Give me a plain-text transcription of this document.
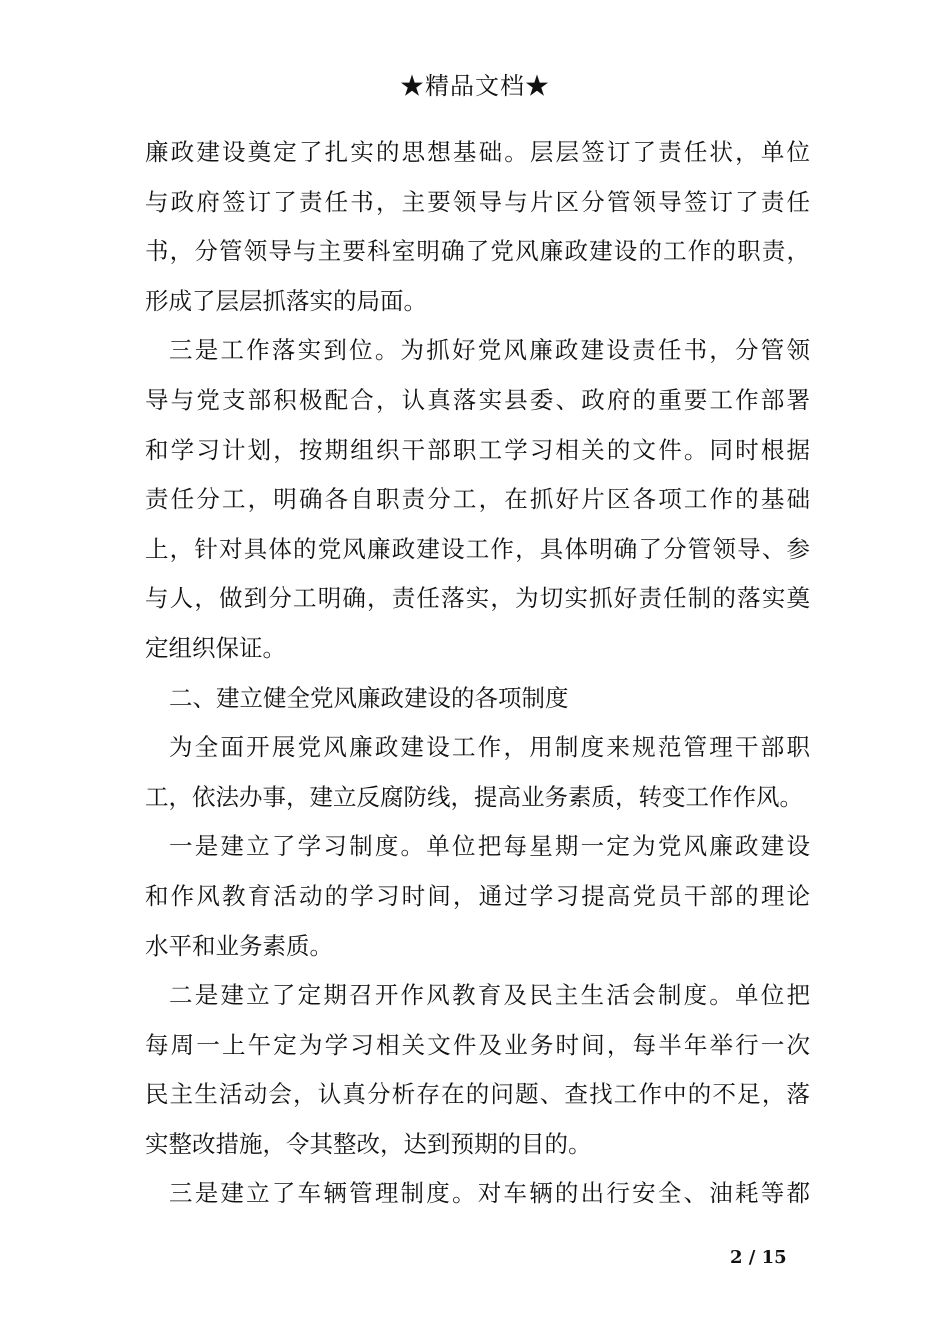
★精品文档★
廉政建设奠定了扎实的思想基础。层层签订了责任状，单位
与政府签订了责任书，主要领导与片区分管领导签订了责任
书，分管领导与主要科室明确了党风廉政建设的工作的职责，
形成了层层抓落实的局面。
三是工作落实到位。为抓好党风廉政建设责任书，分管领
导与党支部积极配合，认真落实县委、政府的重要工作部署
和学习计划，按期组织干部职工学习相关的文件。同时根据
责任分工，明确各自职责分工，在抓好片区各项工作的基础
上，针对具体的党风廉政建设工作，具体明确了分管领导、参
与人，做到分工明确，责任落实，为切实抓好责任制的落实奠
定组织保证。
二、建立健全党风廉政建设的各项制度
为全面开展党风廉政建设工作，用制度来规范管理干部职
工，依法办事，建立反腐防线，提高业务素质，转变工作作风。
一是建立了学习制度。单位把每星期一定为党风廉政建设
和作风教育活动的学习时间，通过学习提高党员干部的理论
水平和业务素质。
二是建立了定期召开作风教育及民主生活会制度。单位把
每周一上午定为学习相关文件及业务时间，每半年举行一次
民主生活动会，认真分析存在的问题、查找工作中的不足，落
实整改措施，令其整改，达到预期的目的。
三是建立了车辆管理制度。对车辆的出行安全、油耗等都
2 / 15
